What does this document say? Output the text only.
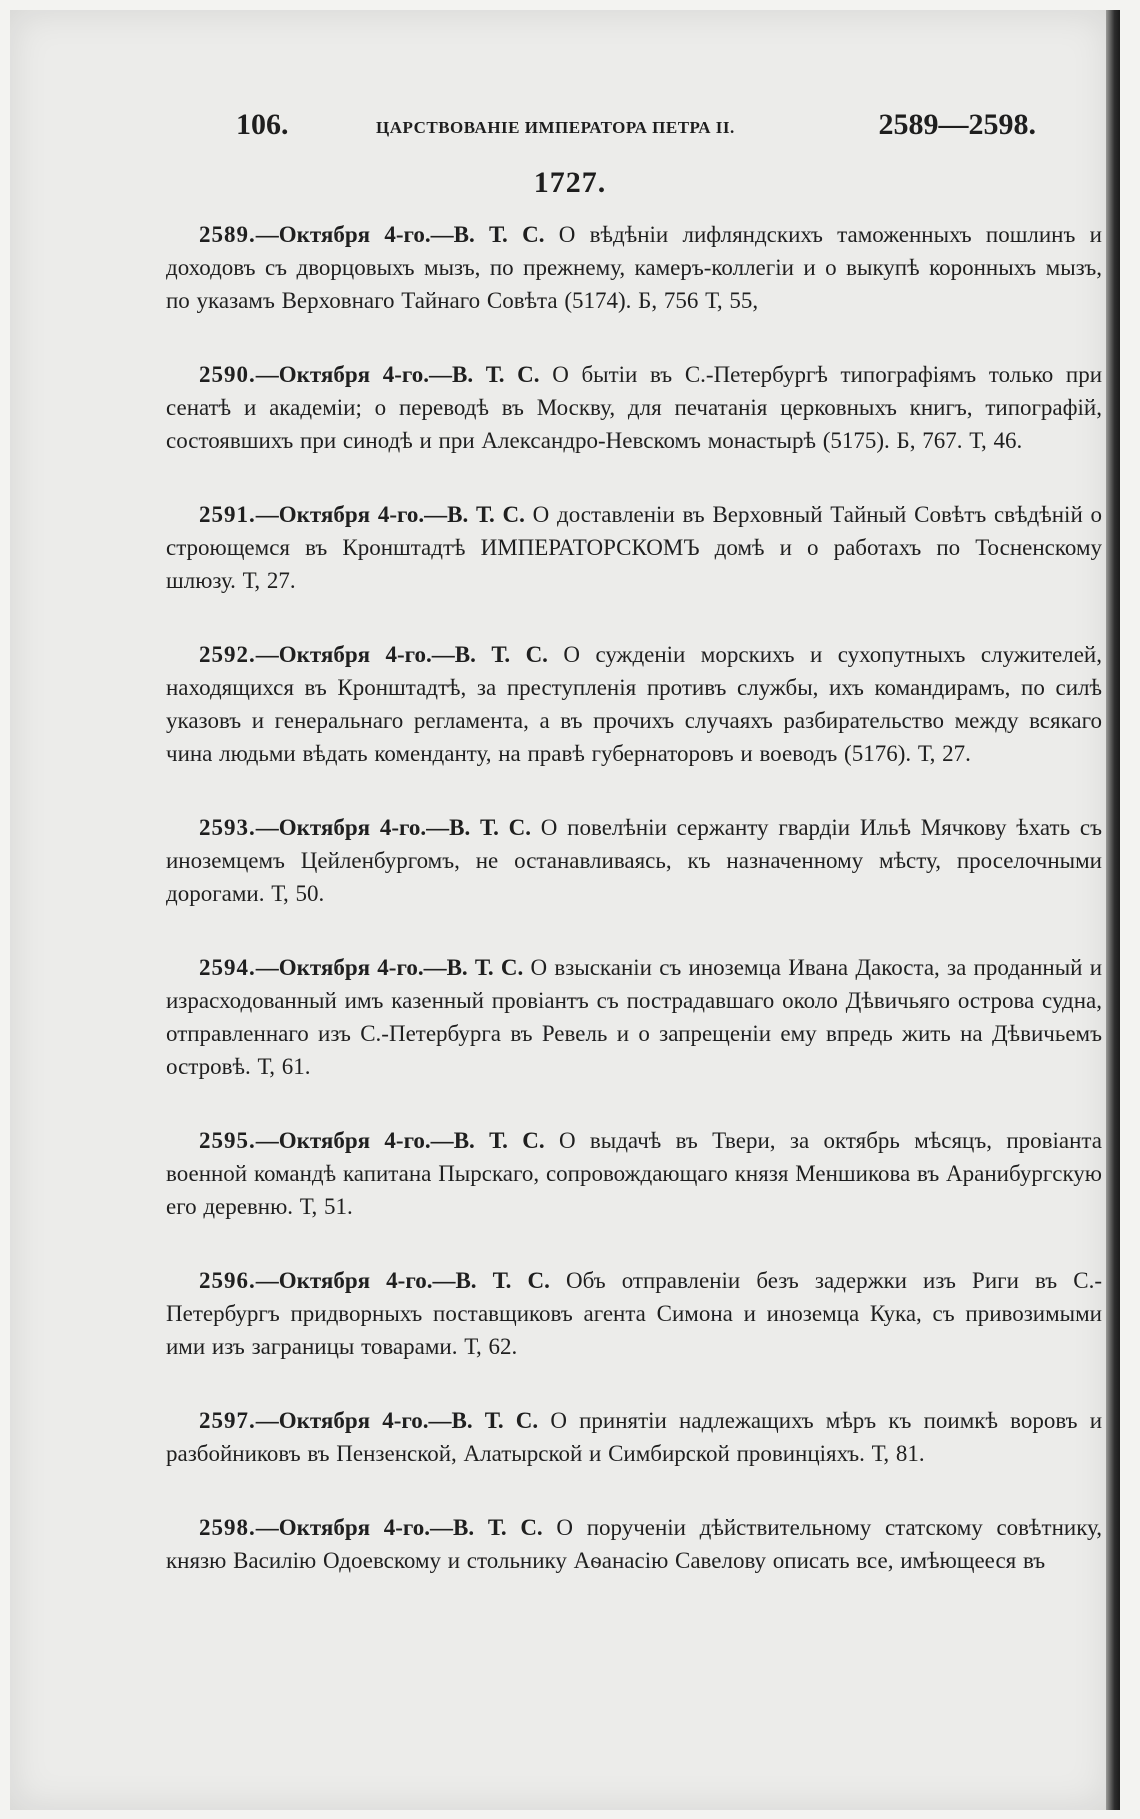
106.	ЦАРСТВОВАНІЕ ИМПЕРАТОРА ПЕТРА II.	2589—2598.
1727.

2589.—Октября 4-го.—В. Т. С. О вѣдѣніи лифляндскихъ таможенныхъ пошлинъ и доходовъ съ дворцовыхъ мызъ, по прежнему, камеръ-коллегіи и о выкупѣ коронныхъ мызъ, по указамъ Верховнаго Тайнаго Совѣта (5174). Б, 756 Т, 55,

2590.—Октября 4-го.—В. Т. С. О бытіи въ С.-Петербургѣ типографіямъ только при сенатѣ и академіи; о переводѣ въ Москву, для печатанія церковныхъ книгъ, типографій, состоявшихъ при синодѣ и при Александро-Невскомъ монастырѣ (5175). Б, 767. Т, 46.

2591.—Октября 4-го.—В. Т. С. О доставленіи въ Верховный Тайный Совѣтъ свѣдѣній о строющемся въ Кронштадтѣ ИМПЕРАТОРСКОМЪ домѣ и о работахъ по Тосненскому шлюзу. Т, 27.

2592.—Октября 4-го.—В. Т. С. О сужденіи морскихъ и сухопутныхъ служителей, находящихся въ Кронштадтѣ, за преступленія противъ службы, ихъ командирамъ, по силѣ указовъ и генеральнаго регламента, а въ прочихъ случаяхъ разбирательство между всякаго чина людьми вѣдать коменданту, на правѣ губернаторовъ и воеводъ (5176). Т, 27.

2593.—Октября 4-го.—В. Т. С. О повелѣніи сержанту гвардіи Ильѣ Мячкову ѣхать съ иноземцемъ Цейленбургомъ, не останавливаясь, къ назначенному мѣсту, проселочными дорогами. Т, 50.

2594.—Октября 4-го.—В. Т. С. О взысканіи съ иноземца Ивана Дакоста, за проданный и израсходованный имъ казенный провіантъ съ пострадавшаго около Дѣвичьяго острова судна, отправленнаго изъ С.-Петербурга въ Ревель и о запрещеніи ему впредь жить на Дѣвичьемъ островѣ. Т, 61.

2595.—Октября 4-го.—В. Т. С. О выдачѣ въ Твери, за октябрь мѣсяцъ, провіанта военной командѣ капитана Пырскаго, сопровождающаго князя Меншикова въ Аранибургскую его деревню. Т, 51.

2596.—Октября 4-го.—В. Т. С. Объ отправленіи безъ задержки изъ Риги въ С.-Петербургъ придворныхъ поставщиковъ агента Симона и иноземца Кука, съ привозимыми ими изъ заграницы товарами. Т, 62.

2597.—Октября 4-го.—В. Т. С. О принятіи надлежащихъ мѣръ къ поимкѣ воровъ и разбойниковъ въ Пензенской, Алатырской и Симбирской провинціяхъ. Т, 81.

2598.—Октября 4-го.—В. Т. С. О порученіи дѣйствительному статскому совѣтнику, князю Василію Одоевскому и стольнику Аѳанасію Савелову описать все, имѣющееся въ
